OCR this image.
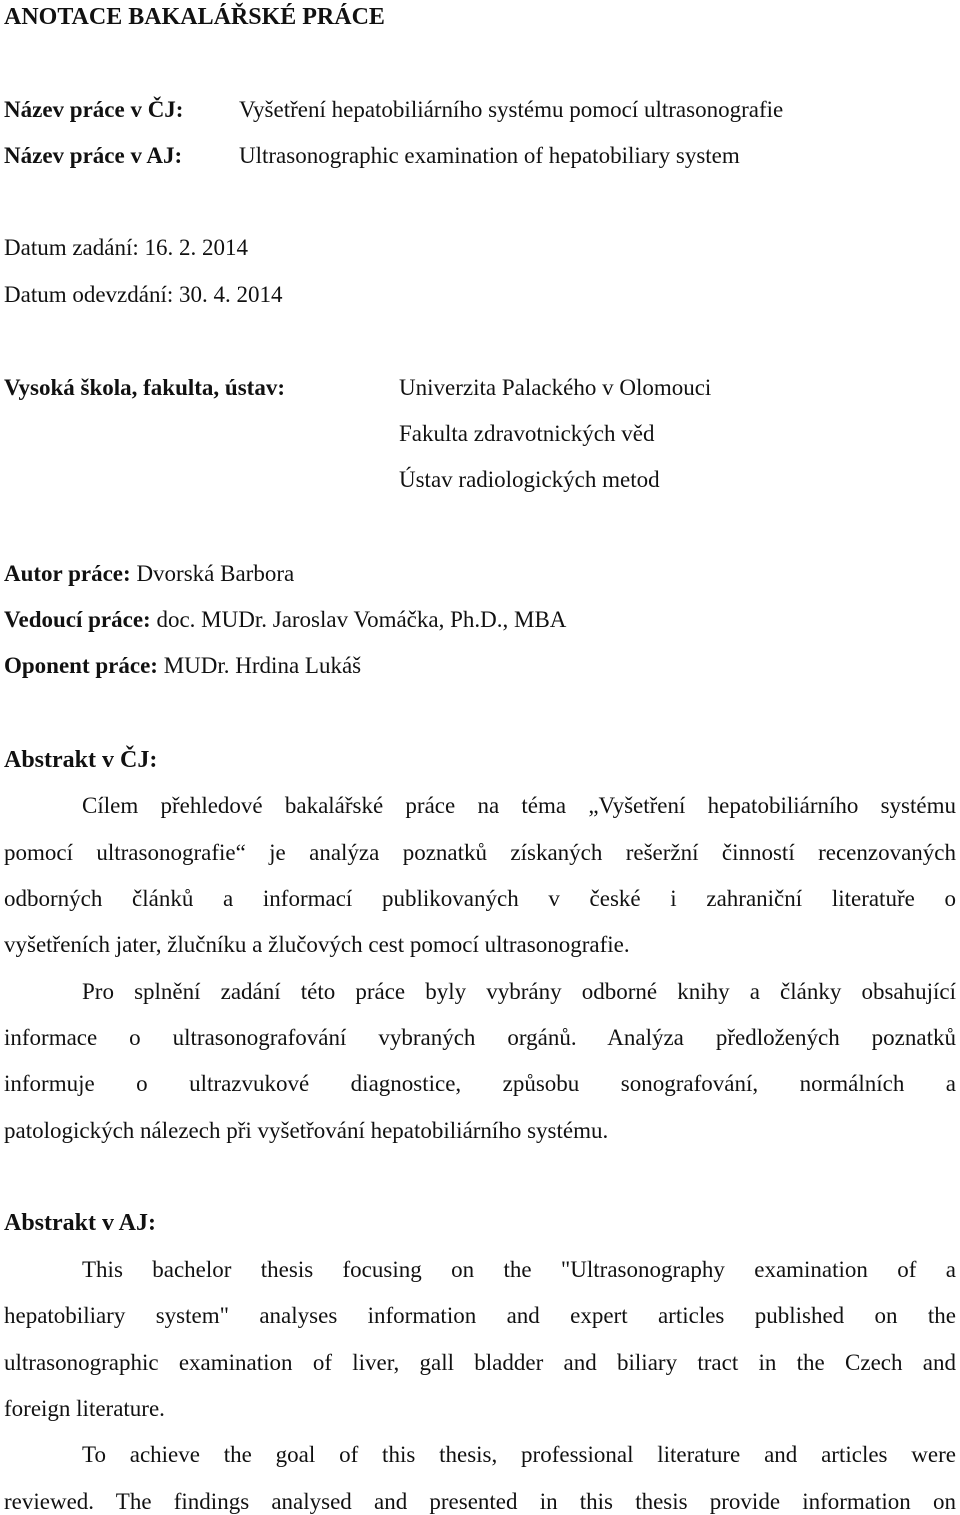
ANOTACE BAKALÁŘSKÉ PRÁCE
Název práce v ČJ: Vyšetření hepatobiliárního systému pomocí ultrasonografie
Název práce v AJ: Ultrasonographic examination of hepatobiliary system
Datum zadání: 16. 2. 2014
Datum odevzdání: 30. 4. 2014
Vysoká škola, fakulta, ústav:	Univerzita Palackého v Olomouci
Fakulta zdravotnických věd
Ústav radiologických metod
Autor práce: Dvorská Barbora
Vedoucí práce: doc. MUDr. Jaroslav Vomáčka, Ph.D., MBA
Oponent práce: MUDr. Hrdina Lukáš
Abstrakt v ČJ:
Cílem přehledové bakalářské práce na téma „Vyšetření hepatobiliárního systému
pomocí ultrasonografie“ je analýza poznatků získaných rešeržní činností recenzovaných
odborných článků a informací publikovaných v české i zahraniční literatuře o
vyšetřeních jater, žlučníku a žlučových cest pomocí ultrasonografie.
Pro splnění zadání této práce byly vybrány odborné knihy a články obsahující
informace o ultrasonografování vybraných orgánů. Analýza předložených poznatků
informuje o ultrazvukové diagnostice, způsobu sonografování, normálních a
patologických nálezech při vyšetřování hepatobiliárního systému.
Abstrakt v AJ:
This bachelor thesis focusing on the "Ultrasonography examination of a
hepatobiliary system" analyses information and expert articles published on the
ultrasonographic examination of liver, gall bladder and biliary tract in the Czech and
foreign literature.
To achieve the goal of this thesis, professional literature and articles were
reviewed. The findings analysed and presented in this thesis provide information on
